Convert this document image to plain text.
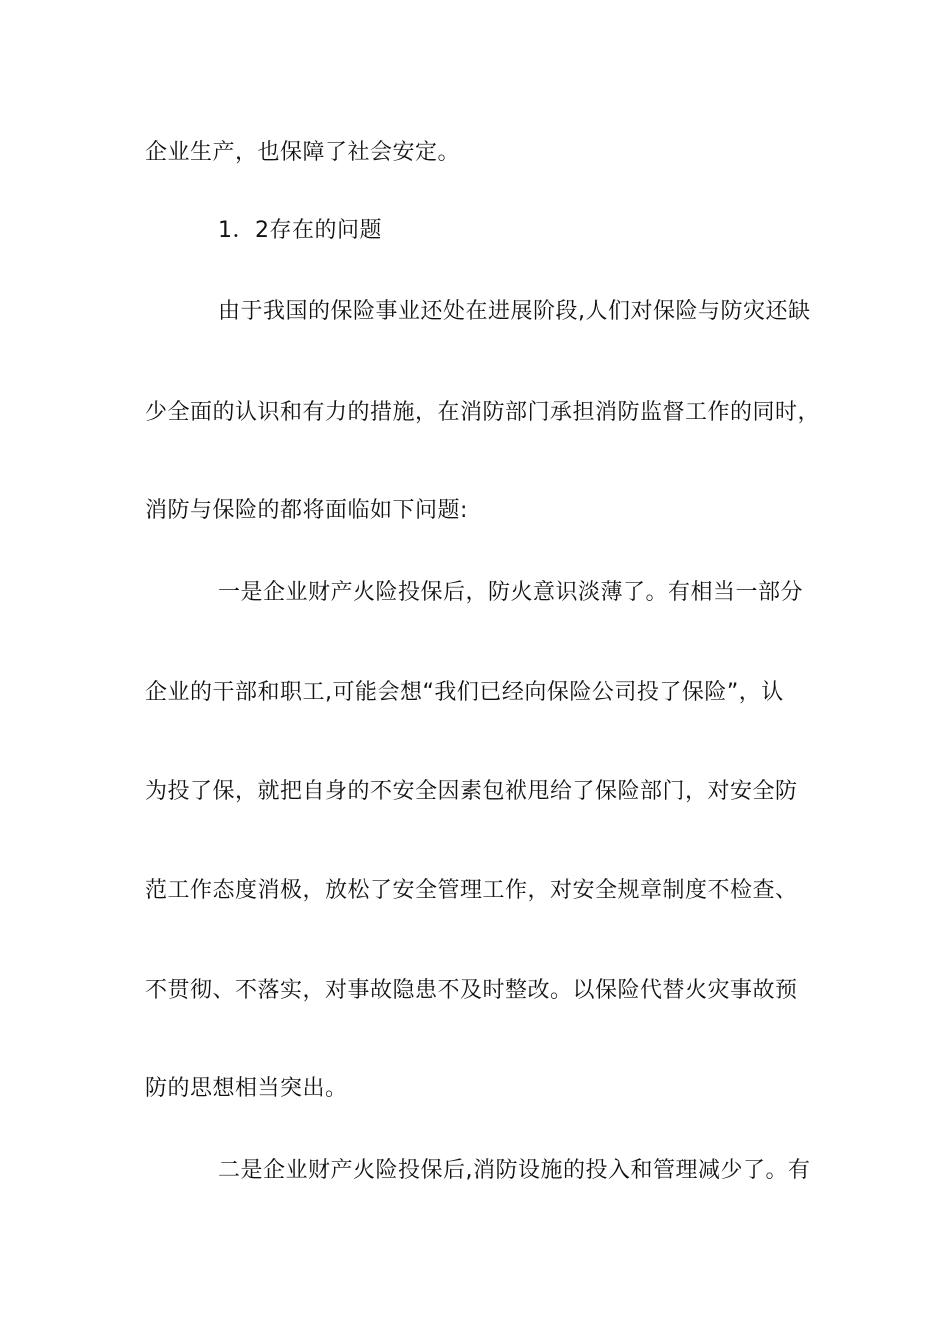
企业生产，也保障了社会安定。
1．2存在的问题
由于我国的保险事业还处在进展阶段,人们对保险与防灾还缺
少全面的认识和有力的措施，在消防部门承担消防监督工作的同时，
消防与保险的都将面临如下问题:
一是企业财产火险投保后，防火意识淡薄了。有相当一部分
企业的干部和职工,可能会想“我们已经向保险公司投了保险”，认
为投了保，就把自身的不安全因素包袱甩给了保险部门，对安全防
范工作态度消极，放松了安全管理工作，对安全规章制度不检查、
不贯彻、不落实，对事故隐患不及时整改。以保险代替火灾事故预
防的思想相当突出。
二是企业财产火险投保后,消防设施的投入和管理减少了。有
